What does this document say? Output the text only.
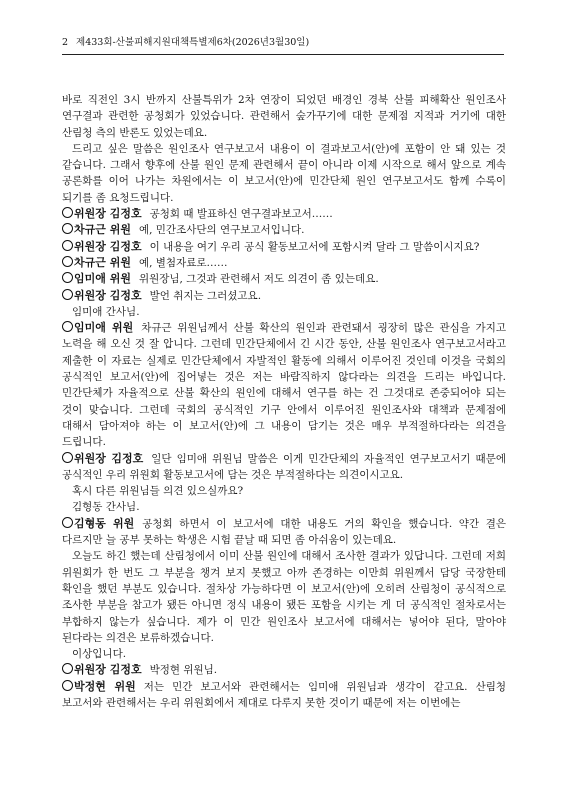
2 제433회-산불피해지원대책특별제6차(2026년3월30일)

바로 직전인 3시 반까지 산불특위가 2차 연장이 되었던 배경인 경북 산불 피해확산 원인조사 연구결과 관련한 공청회가 있었습니다. 관련해서 숲가꾸기에 대한 문제점 지적과 거기에 대한 산림청 측의 반론도 있었는데요.

드리고 싶은 말씀은 원인조사 연구보고서 내용이 이 결과보고서(안)에 포함이 안 돼 있는 것 같습니다. 그래서 향후에 산불 원인 문제 관련해서 끝이 아니라 이제 시작으로 해서 앞으로 계속 공론화를 이어 나가는 차원에서는 이 보고서(안)에 민간단체 원인 연구보고서도 함께 수록이 되기를 좀 요청드립니다.

위원장 김정호 공청회 때 발표하신 연구결과보고서……

차규근 위원 예, 민간조사단의 연구보고서입니다.

위원장 김정호 이 내용을 여기 우리 공식 활동보고서에 포함시켜 달라 그 말씀이시지요?

차규근 위원 예, 별첨자료로……

임미애 위원 위원장님, 그것과 관련해서 저도 의견이 좀 있는데요.

위원장 김정호 발언 취지는 그러셨고요.

임미애 간사님.

임미애 위원 차규근 위원님께서 산불 확산의 원인과 관련돼서 굉장히 많은 관심을 가지고 노력을 해 오신 것 잘 압니다. 그런데 민간단체에서 긴 시간 동안, 산불 원인조사 연구보고서라고 제출한 이 자료는 실제로 민간단체에서 자발적인 활동에 의해서 이루어진 것인데 이것을 국회의 공식적인 보고서(안)에 집어넣는 것은 저는 바람직하지 않다라는 의견을 드리는 바입니다. 민간단체가 자율적으로 산불 확산의 원인에 대해서 연구를 하는 건 그것대로 존중되어야 되는 것이 맞습니다. 그런데 국회의 공식적인 기구 안에서 이루어진 원인조사와 대책과 문제점에 대해서 담아져야 하는 이 보고서(안)에 그 내용이 담기는 것은 매우 부적절하다라는 의견을 드립니다.

위원장 김정호 일단 임미애 위원님 말씀은 이게 민간단체의 자율적인 연구보고서기 때문에 공식적인 우리 위원회 활동보고서에 담는 것은 부적절하다는 의견이시고요.

혹시 다른 위원님들 의견 있으실까요?

김형동 간사님.

김형동 위원 공청회 하면서 이 보고서에 대한 내용도 거의 확인을 했습니다. 약간 결은 다르지만 늘 공부 못하는 학생은 시험 끝날 때 되면 좀 아쉬움이 있는데요.

오늘도 하긴 했는데 산림청에서 이미 산불 원인에 대해서 조사한 결과가 있답니다. 그런데 저희 위원회가 한 번도 그 부분을 챙겨 보지 못했고 아까 존경하는 이만희 위원께서 담당 국장한테 확인을 했던 부분도 있습니다. 절차상 가능하다면 이 보고서(안)에 오히려 산림청이 공식적으로 조사한 부분을 참고가 됐든 아니면 정식 내용이 됐든 포함을 시키는 게 더 공식적인 절차로서는 부합하지 않는가 싶습니다. 제가 이 민간 원인조사 보고서에 대해서는 넣어야 된다, 말아야 된다라는 의견은 보류하겠습니다.

이상입니다.

위원장 김정호 박정현 위원님.

박정현 위원 저는 민간 보고서와 관련해서는 임미애 위원님과 생각이 같고요. 산림청 보고서와 관련해서는 우리 위원회에서 제대로 다루지 못한 것이기 때문에 저는 이번에는
